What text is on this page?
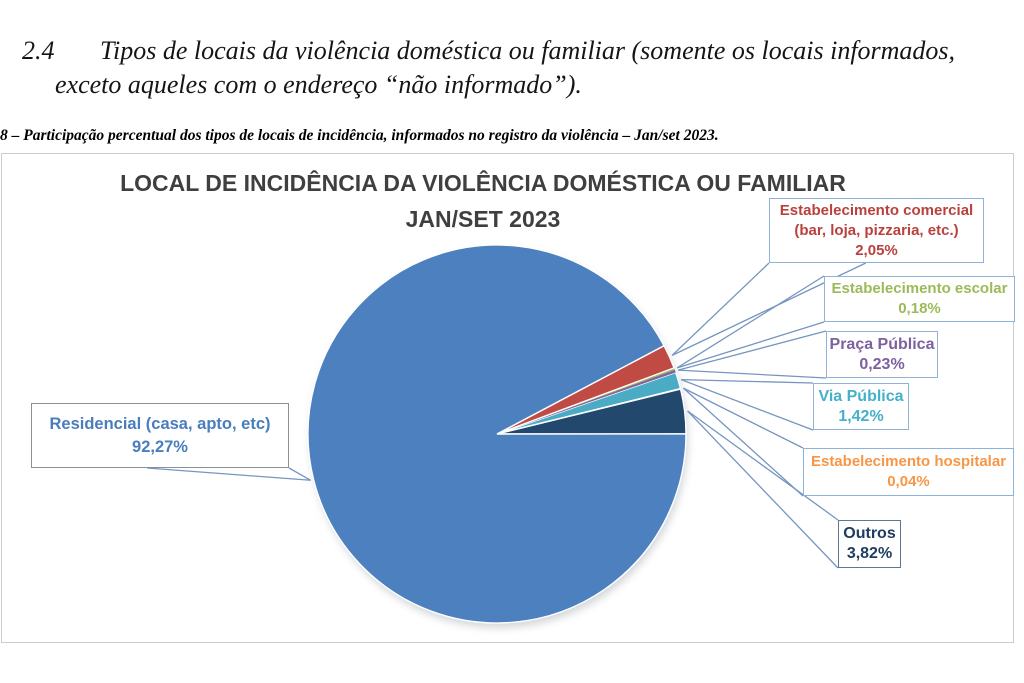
2.4	Tipos de locais da violência doméstica ou familiar (somente os locais informados,
exceto aqueles com o endereço “não informado”).
8 – Participação percentual dos tipos de locais de incidência, informados no registro da violência – Jan/set 2023.
LOCAL DE INCIDÊNCIA DA VIOLÊNCIA DOMÉSTICA OU FAMILIAR
JAN/SET 2023	Estabelecimento comercial
(bar, loja, pizzaria, etc.)
2,05%
Estabelecimento escolar
0,18%
Praça Pública
0,23%
Via Pública
1,42%
Estabelecimento hospitalar
0,04%
Outros
3,82%
Residencial (casa, apto, etc)
92,27%
